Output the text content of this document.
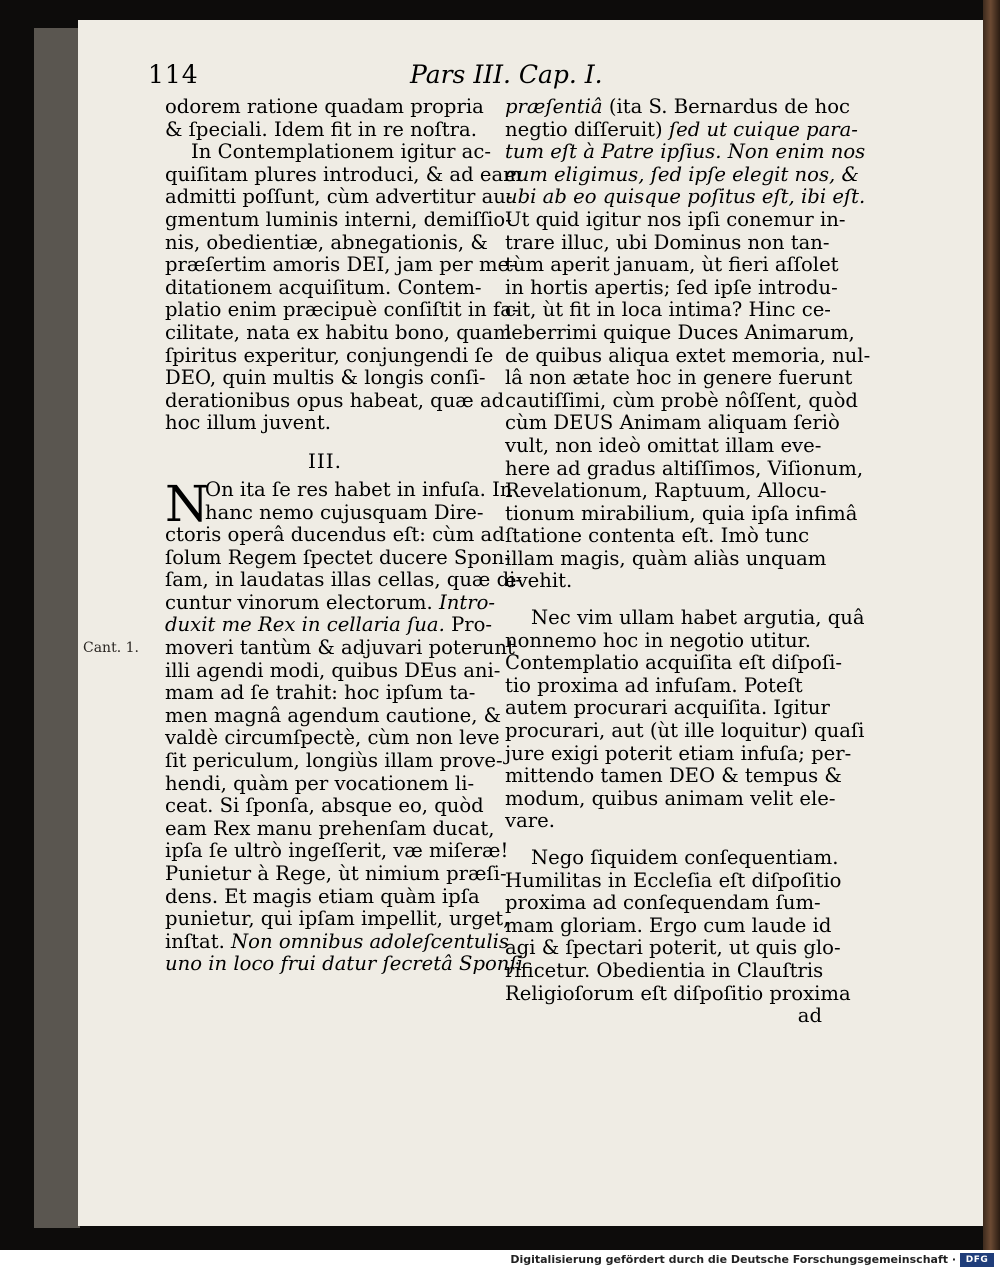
114	Pars III. Cap. I.
Cant. 1.
odorem ratione quadam propria
& ſpeciali. Idem fit in re noſtra.
In Contemplationem igitur ac-
quiſitam plures introduci, & ad eam
admitti poſſunt, cùm advertitur au-
gmentum luminis interni, demiſſio-
nis, obedientiæ, abnegationis, &
præſertim amoris DEI, jam per me-
ditationem acquiſitum. Contem-
platio enim præcipuè conſiſtit in fa-
cilitate, nata ex habitu bono, quam
ſpiritus experitur, conjungendi ſe
DEO, quin multis & longis conſi-
derationibus opus habeat, quæ ad
hoc illum juvent.
III.
N
On ita ſe res habet in infuſa. In
hanc nemo cujusquam Dire-
ctoris operâ ducendus eſt: cùm ad
ſolum Regem ſpectet ducere Spon-
ſam, in laudatas illas cellas, quæ di-
cuntur vinorum electorum. Intro-
duxit me Rex in cellaria ſua. Pro-
moveri tantùm & adjuvari poterunt
illi agendi modi, quibus DEus ani-
mam ad ſe trahit: hoc ipſum ta-
men magnâ agendum cautione, &
valdè circumſpectè, cùm non leve
ſit periculum, longiùs illam prove-
hendi, quàm per vocationem li-
ceat. Si ſponſa, absque eo, quòd
eam Rex manu prehenſam ducat,
ipſa ſe ultrò ingeſſerit, væ miſeræ!
Punietur à Rege, ùt nimium præſi-
dens. Et magis etiam quàm ipſa
punietur, qui ipſam impellit, urget,
inſtat. Non omnibus adoleſcentulis
uno in loco frui datur ſecretâ Sponſi
præſentiâ (ita S. Bernardus de hoc
negtio diſſeruit) ſed ut cuique para-
tum eſt à Patre ipſius. Non enim nos
eum eligimus, ſed ipſe elegit nos, &
ubi ab eo quisque poſitus eſt, ibi eſt.
Ut quid igitur nos ipſi conemur in-
trare illuc, ubi Dominus non tan-
tùm aperit januam, ùt fieri aſſolet
in hortis apertis; ſed ipſe introdu-
cit, ùt fit in loca intima? Hinc ce-
leberrimi quique Duces Animarum,
de quibus aliqua extet memoria, nul-
lâ non ætate hoc in genere fuerunt
cautiſſimi, cùm probè nôſſent, quòd
cùm DEUS Animam aliquam ſeriò
vult, non ideò omittat illam eve-
here ad gradus altiſſimos, Viſionum,
Revelationum, Raptuum, Allocu-
tionum mirabilium, quia ipſa infimâ
ſtatione contenta eſt. Imò tunc
illam magis, quàm aliàs unquam
evehit.
Nec vim ullam habet argutia, quâ
nonnemo hoc in negotio utitur.
Contemplatio acquiſita eſt diſpoſi-
tio proxima ad infuſam. Poteſt
autem procurari acquiſita. Igitur
procurari, aut (ùt ille loquitur) quaſi
jure exigi poterit etiam infuſa; per-
mittendo tamen DEO & tempus &
modum, quibus animam velit ele-
vare.
Nego ſiquidem conſequentiam.
Humilitas in Eccleſia eſt diſpoſitio
proxima ad conſequendam ſum-
mam gloriam. Ergo cum laude id
agi & ſpectari poterit, ut quis glo-
rificetur. Obedientia in Clauſtris
Religioſorum eſt diſpoſitio proxima
ad
Digitalisierung gefördert durch die Deutsche Forschungsgemeinschaft ·	DFG
